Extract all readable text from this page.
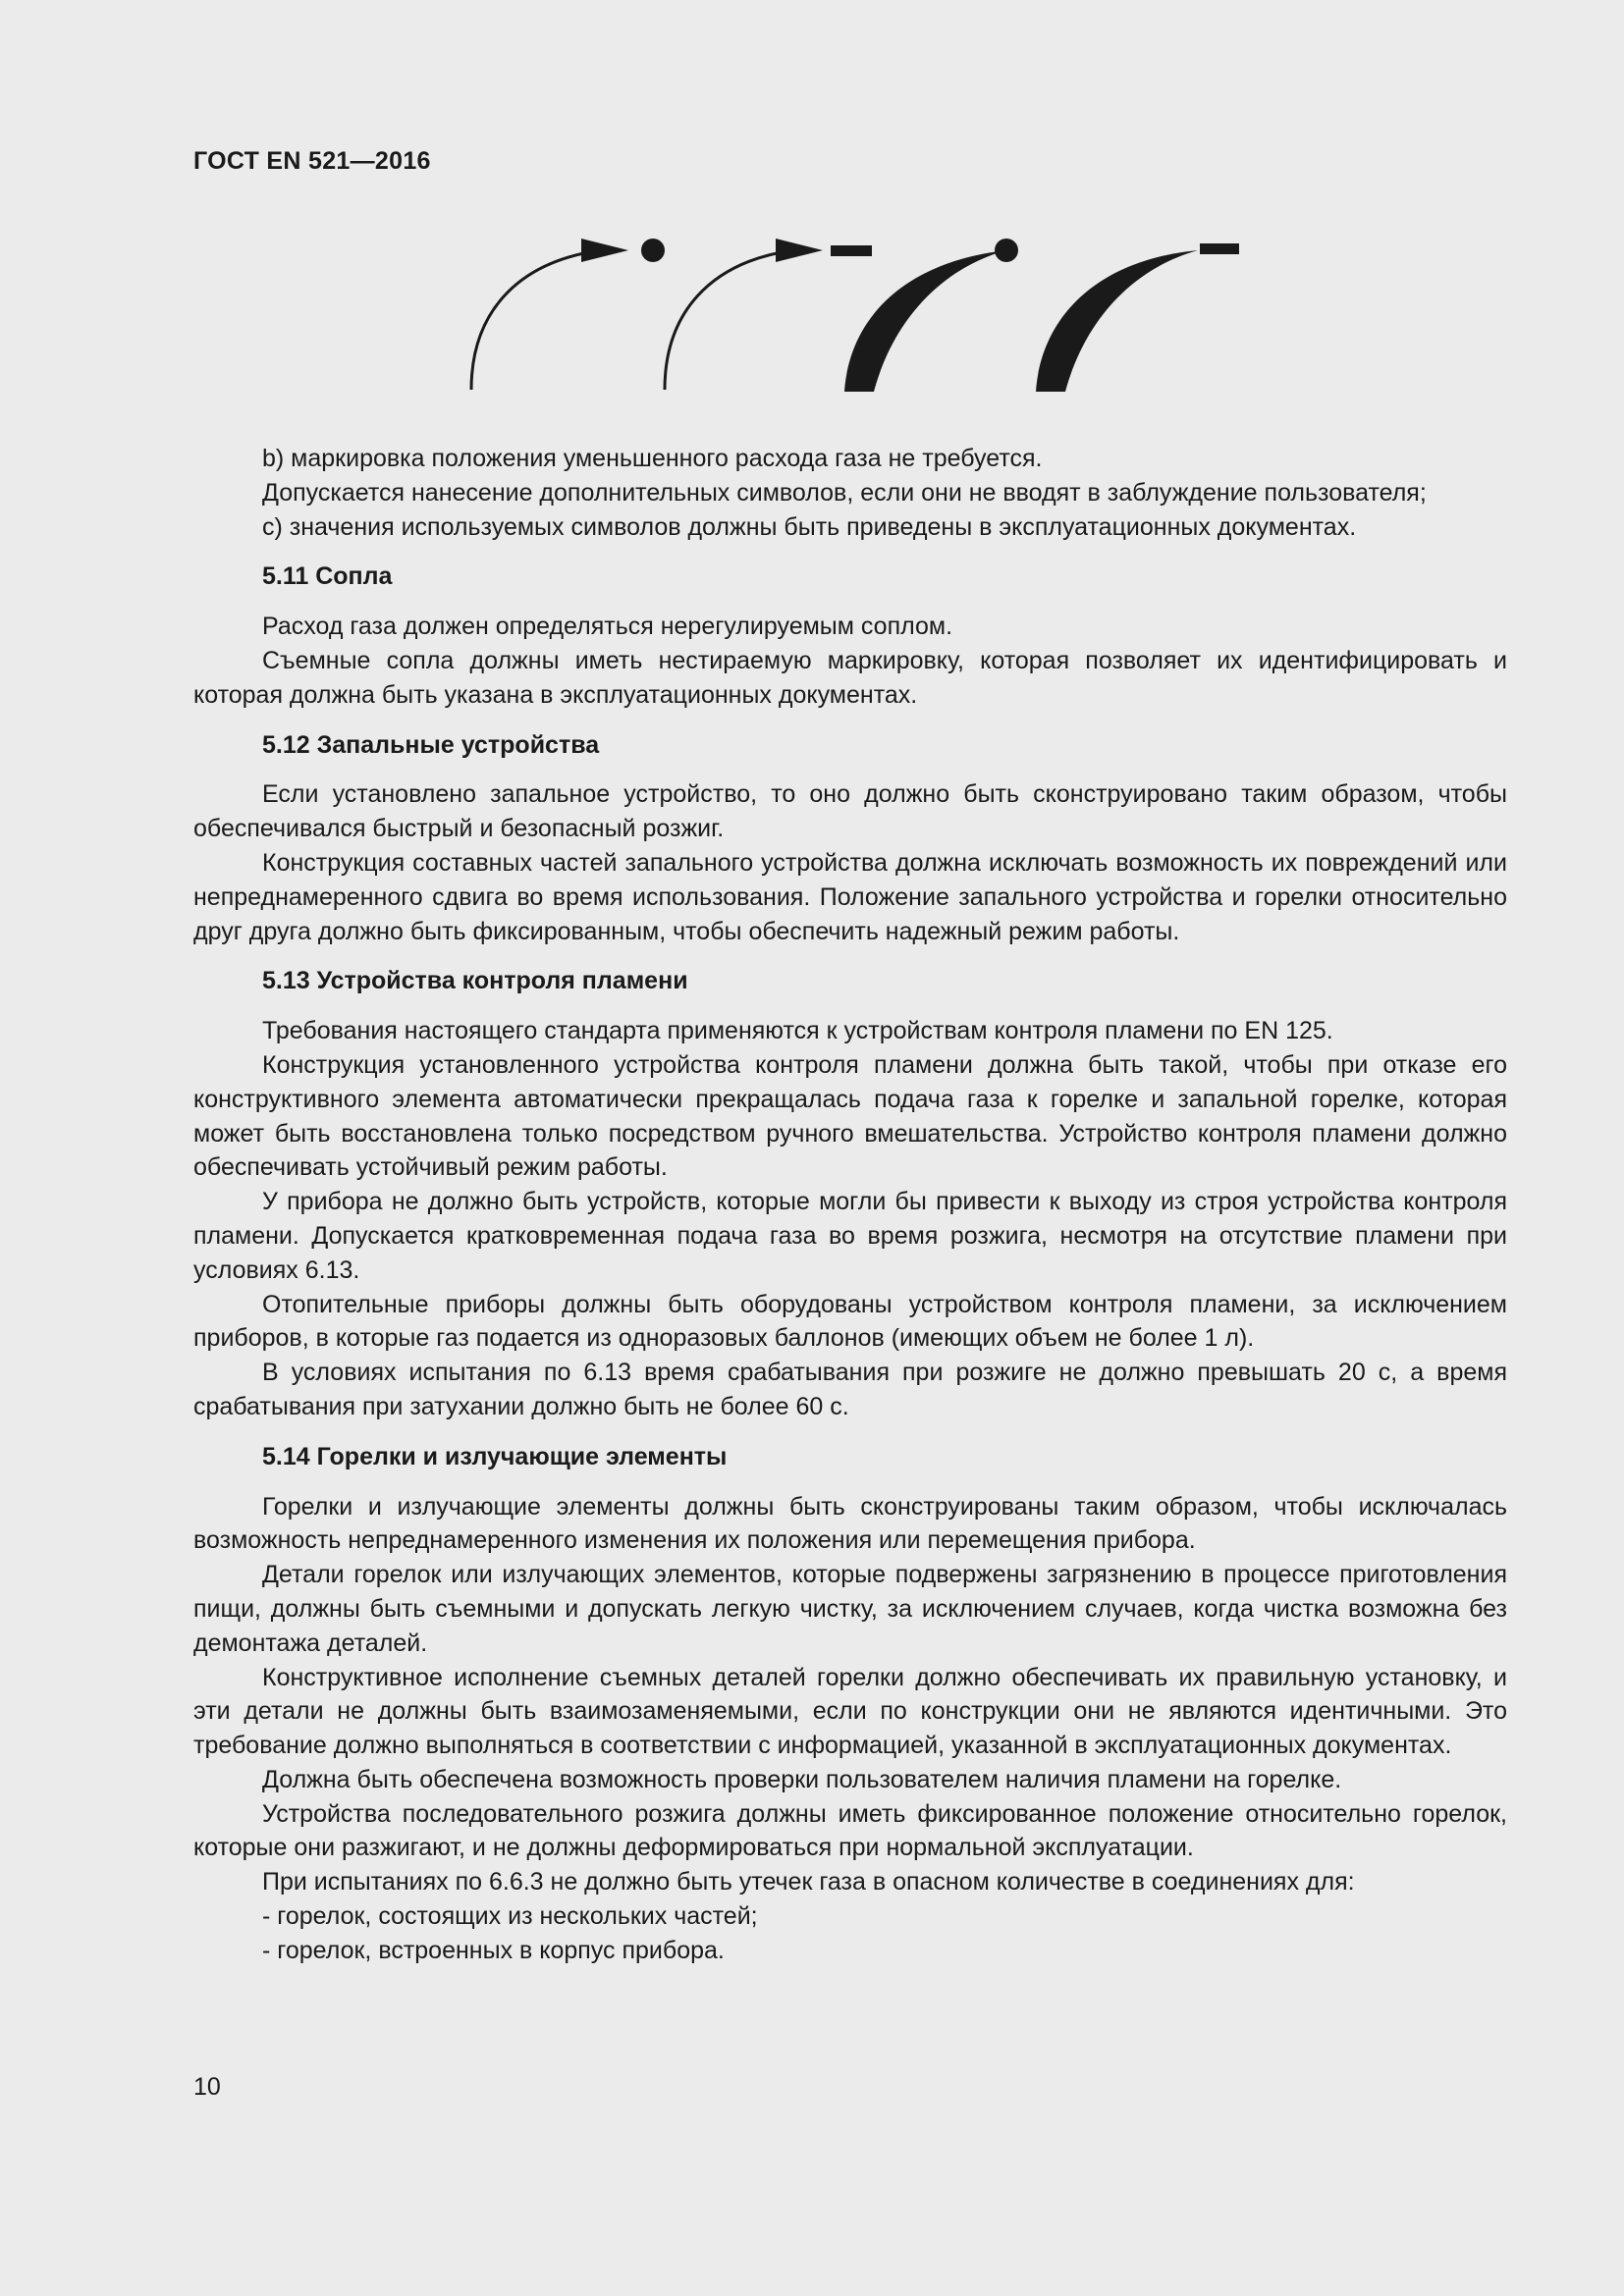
ГОСТ EN 521—2016

b) маркировка положения уменьшенного расхода газа не требуется.

Допускается нанесение дополнительных символов, если они не вводят в заблуждение пользователя;

с) значения используемых символов должны быть приведены в эксплуатационных документах.

5.11 Сопла

Расход газа должен определяться нерегулируемым соплом.

Съемные сопла должны иметь нестираемую маркировку, которая позволяет их идентифицировать и которая должна быть указана в эксплуатационных документах.

5.12 Запальные устройства

Если установлено запальное устройство, то оно должно быть сконструировано таким образом, чтобы обеспечивался быстрый и безопасный розжиг.

Конструкция составных частей запального устройства должна исключать возможность их повреждений или непреднамеренного сдвига во время использования. Положение запального устройства и горелки относительно друг друга должно быть фиксированным, чтобы обеспечить надежный режим работы.

5.13 Устройства контроля пламени

Требования настоящего стандарта применяются к устройствам контроля пламени по EN 125.

Конструкция установленного устройства контроля пламени должна быть такой, чтобы при отказе его конструктивного элемента автоматически прекращалась подача газа к горелке и запальной горелке, которая может быть восстановлена только посредством ручного вмешательства. Устройство контроля пламени должно обеспечивать устойчивый режим работы.

У прибора не должно быть устройств, которые могли бы привести к выходу из строя устройства контроля пламени. Допускается кратковременная подача газа во время розжига, несмотря на отсутствие пламени при условиях 6.13.

Отопительные приборы должны быть оборудованы устройством контроля пламени, за исключением приборов, в которые газ подается из одноразовых баллонов (имеющих объем не более 1 л).

В условиях испытания по 6.13 время срабатывания при розжиге не должно превышать 20 с, а время срабатывания при затухании должно быть не более 60 с.

5.14 Горелки и излучающие элементы

Горелки и излучающие элементы должны быть сконструированы таким образом, чтобы исключалась возможность непреднамеренного изменения их положения или перемещения прибора.

Детали горелок или излучающих элементов, которые подвержены загрязнению в процессе приготовления пищи, должны быть съемными и допускать легкую чистку, за исключением случаев, когда чистка возможна без демонтажа деталей.

Конструктивное исполнение съемных деталей горелки должно обеспечивать их правильную установку, и эти детали не должны быть взаимозаменяемыми, если по конструкции они не являются идентичными. Это требование должно выполняться в соответствии с информацией, указанной в эксплуатационных документах.

Должна быть обеспечена возможность проверки пользователем наличия пламени на горелке.

Устройства последовательного розжига должны иметь фиксированное положение относительно горелок, которые они разжигают, и не должны деформироваться при нормальной эксплуатации.

При испытаниях по 6.6.3 не должно быть утечек газа в опасном количестве в соединениях для:

- горелок, состоящих из нескольких частей;

- горелок, встроенных в корпус прибора.

10
